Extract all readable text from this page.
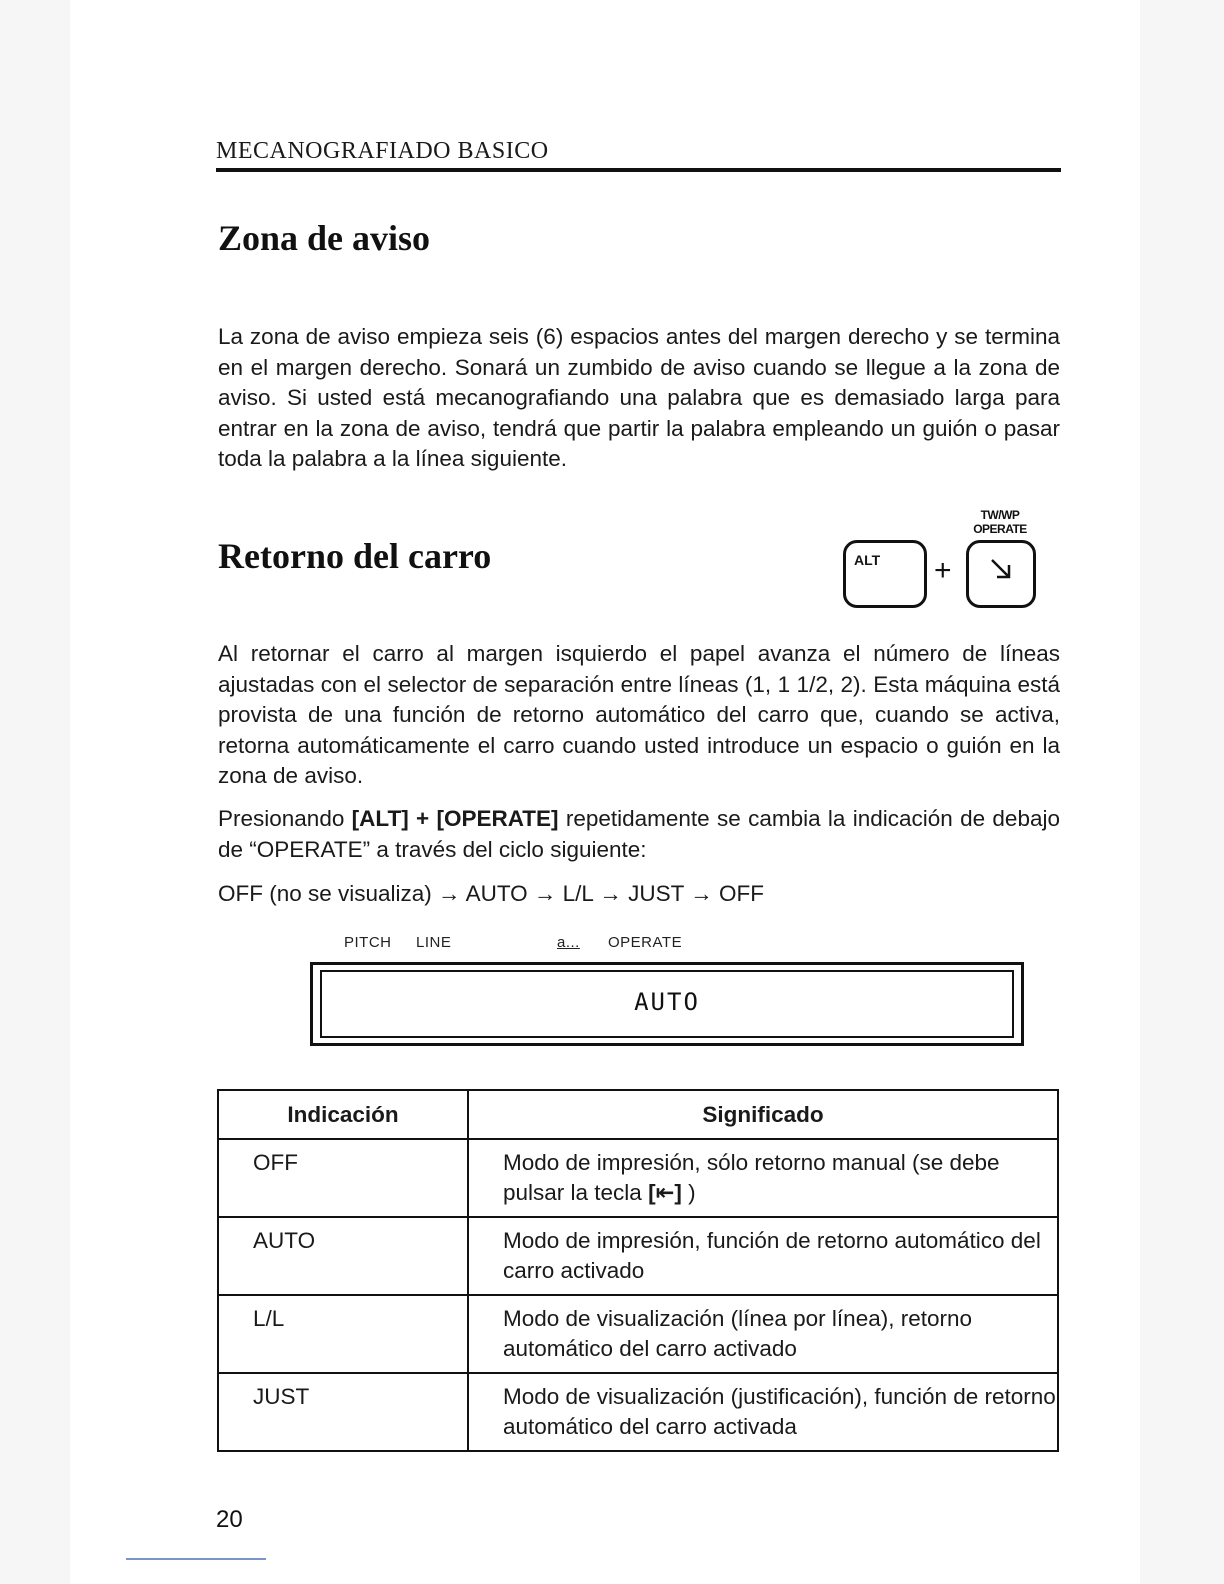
MECANOGRAFIADO BASICO
Zona de aviso

La zona de aviso empieza seis (6) espacios antes del margen derecho y se termina en el margen derecho. Sonará un zumbido de aviso cuando se llegue a la zona de aviso. Si usted está mecanografiando una palabra que es demasiado larga para entrar en la zona de aviso, tendrá que partir la palabra empleando un guión o pasar toda la palabra a la línea siguiente.

Retorno del carro
TW/WP
OPERATE
ALT +

Al retornar el carro al margen isquierdo el papel avanza el número de líneas ajustadas con el selector de separación entre líneas (1, 1 1/2, 2). Esta máquina está provista de una función de retorno automático del carro que, cuando se activa, retorna automáticamente el carro cuando usted introduce un espacio o guión en la zona de aviso.

Presionando [ALT] + [OPERATE] repetidamente se cambia la indicación de debajo de “OPERATE” a través del ciclo siguiente:

OFF (no se visualiza) → AUTO → L/L → JUST → OFF

PITCH LINE	a... OPERATE
AUTO
Indicación	Significado
OFF	Modo de impresión, sólo retorno manual (se debe pulsar la tecla [⇤] )
AUTO	Modo de impresión, función de retorno automático del carro activado
L/L	Modo de visualización (línea por línea), retorno automático del carro activado
JUST	Modo de visualización (justificación), función de retorno automático del carro activada
20
